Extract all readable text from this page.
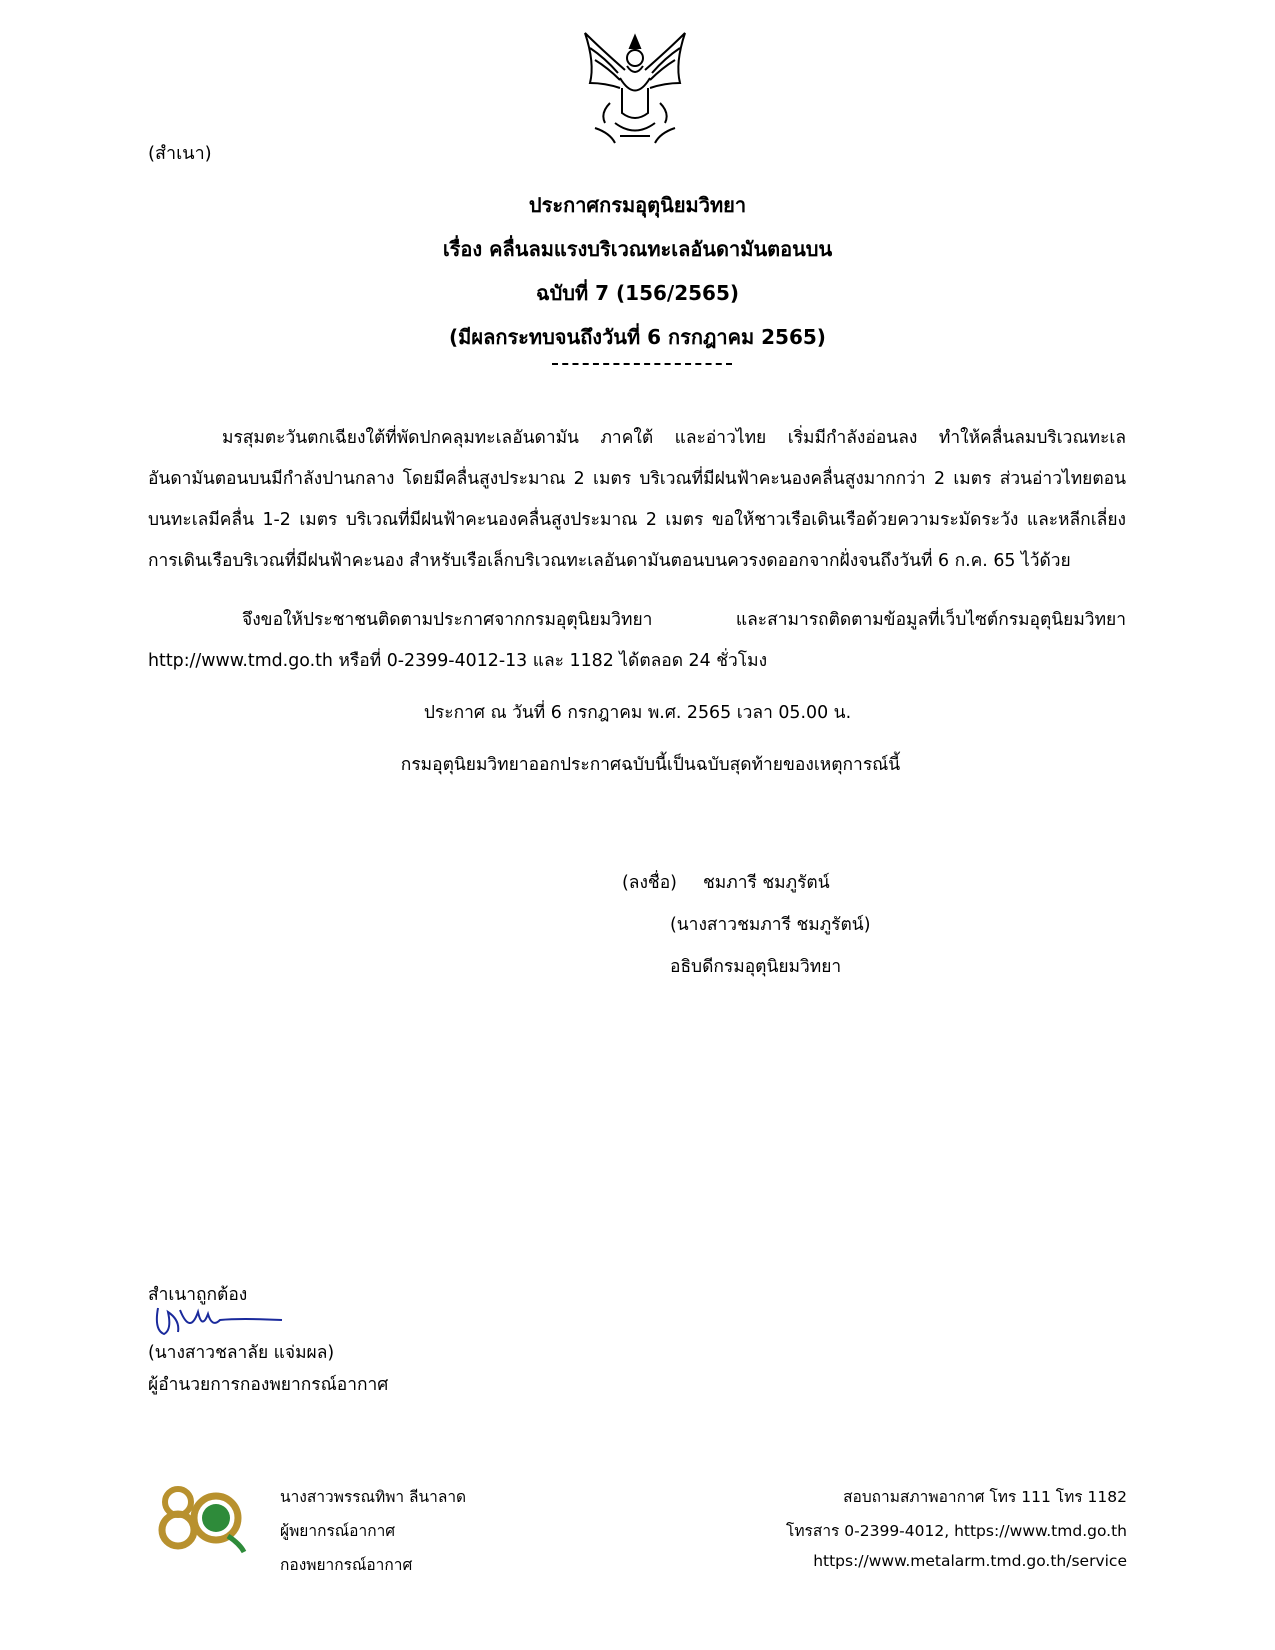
(สำเนา)
ประกาศกรมอุตุนิยมวิทยา
เรื่อง คลื่นลมแรงบริเวณทะเลอันดามันตอนบน
ฉบับที่ 7 (156/2565)
(มีผลกระทบจนถึงวันที่ 6 กรกฎาคม 2565)
มรสุมตะวันตกเฉียงใต้ที่พัดปกคลุมทะเลอันดามัน ภาคใต้ และอ่าวไทย เริ่มมีกำลังอ่อนลง ทำให้คลื่นลมบริเวณทะเลอันดามันตอนบนมีกำลังปานกลาง โดยมีคลื่นสูงประมาณ 2 เมตร บริเวณที่มีฝนฟ้าคะนองคลื่นสูงมากกว่า 2 เมตร ส่วนอ่าวไทยตอนบนทะเลมีคลื่น 1-2 เมตร บริเวณที่มีฝนฟ้าคะนองคลื่นสูงประมาณ 2 เมตร ขอให้ชาวเรือเดินเรือด้วยความระมัดระวัง และหลีกเลี่ยงการเดินเรือบริเวณที่มีฝนฟ้าคะนอง สำหรับเรือเล็กบริเวณทะเลอันดามันตอนบนควรงดออกจากฝั่งจนถึงวันที่ 6 ก.ค. 65 ไว้ด้วย
จึงขอให้ประชาชนติดตามประกาศจากกรมอุตุนิยมวิทยา และสามารถติดตามข้อมูลที่เว็บไซต์กรมอุตุนิยมวิทยา http://www.tmd.go.th หรือที่ 0-2399-4012-13 และ 1182 ได้ตลอด 24 ชั่วโมง
ประกาศ ณ วันที่ 6 กรกฎาคม พ.ศ. 2565 เวลา 05.00 น.
กรมอุตุนิยมวิทยาออกประกาศฉบับนี้เป็นฉบับสุดท้ายของเหตุการณ์นี้
(ลงชื่อ) ชมภารี ชมภูรัตน์
(นางสาวชมภารี ชมภูรัตน์)
อธิบดีกรมอุตุนิยมวิทยา
สำเนาถูกต้อง
(นางสาวชลาลัย แจ่มผล)
ผู้อำนวยการกองพยากรณ์อากาศ
นางสาวพรรณทิพา ลีนาลาด
ผู้พยากรณ์อากาศ
กองพยากรณ์อากาศ
สอบถามสภาพอากาศ โทร 111 โทร 1182
โทรสาร 0-2399-4012, https://www.tmd.go.th
https://www.metalarm.tmd.go.th/service
